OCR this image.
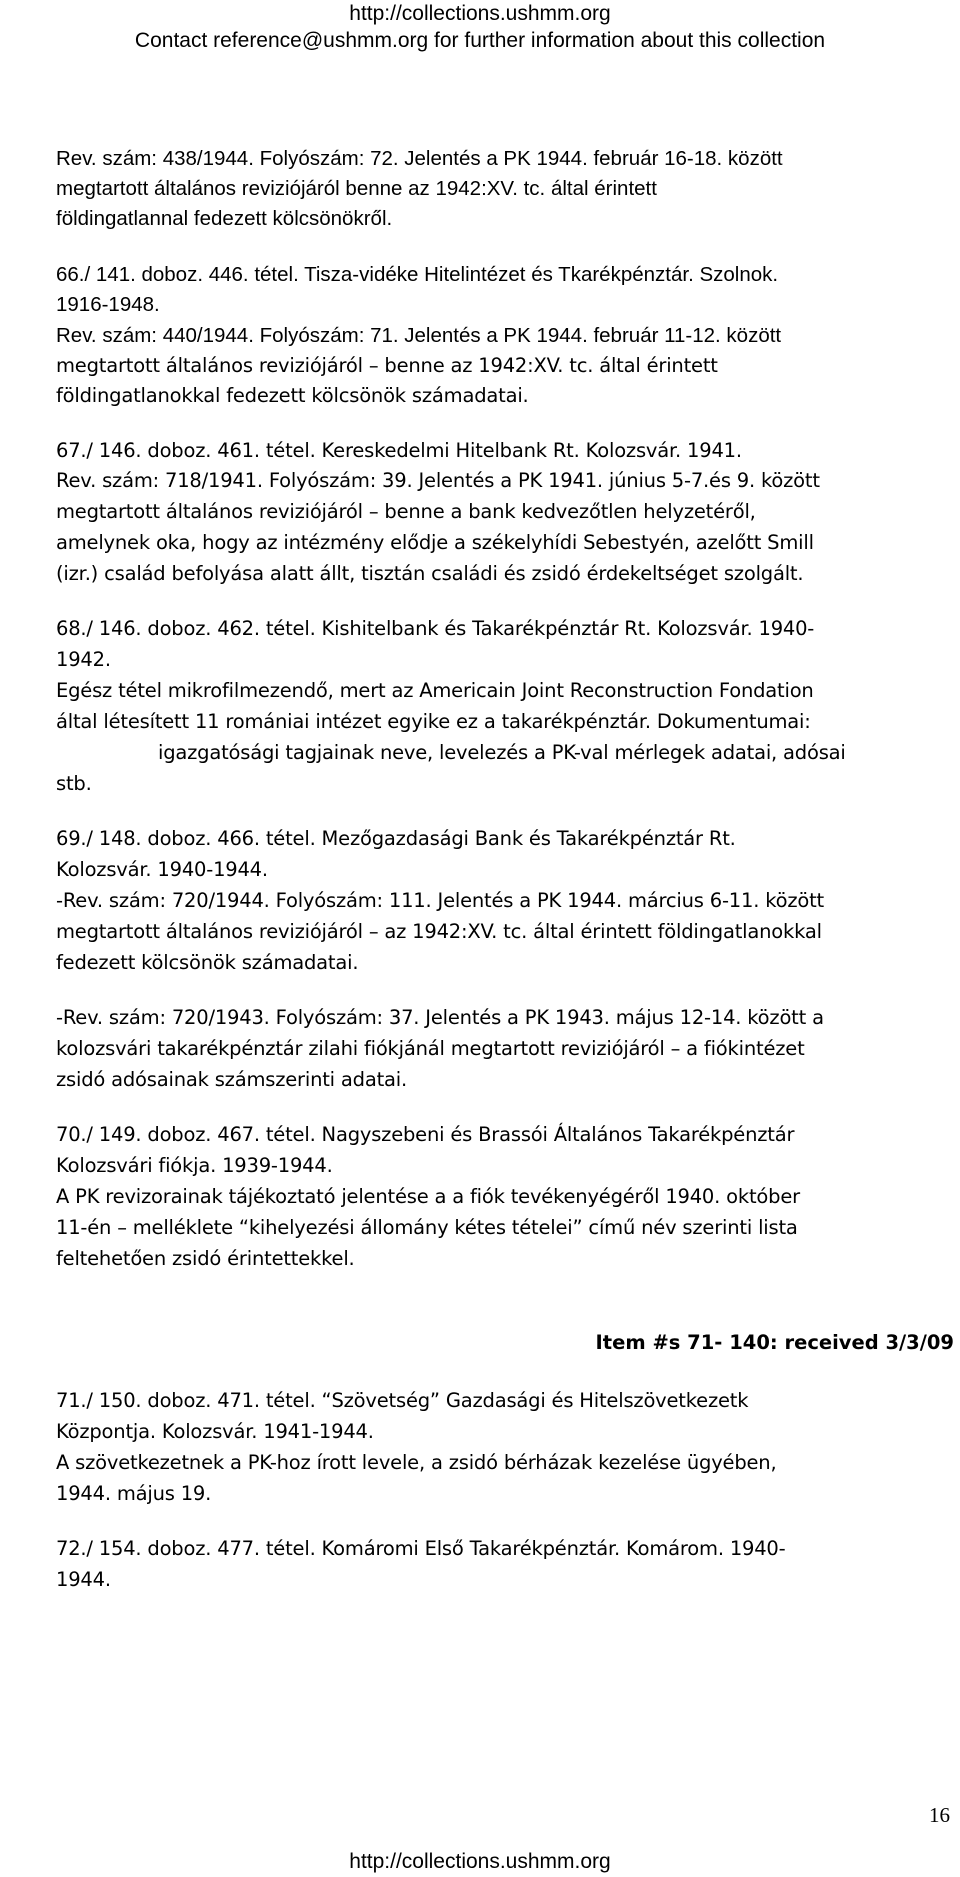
http://collections.ushmm.org
Contact reference@ushmm.org for further information about this collection
Rev. szám: 438/1944. Folyószám: 72. Jelentés a PK 1944. február 16-18. között
megtartott általános reviziójáról benne az 1942:XV. tc. által érintett
földingatlannal fedezett kölcsönökről.
66./ 141. doboz. 446. tétel. Tisza-vidéke Hitelintézet és Tkarékpénztár. Szolnok.
1916-1948.
Rev. szám: 440/1944. Folyószám: 71. Jelentés a PK 1944. február 11-12. között
megtartott általános reviziójáról – benne az 1942:XV. tc. által érintett
földingatlanokkal fedezett kölcsönök számadatai.
67./ 146. doboz. 461. tétel. Kereskedelmi Hitelbank Rt. Kolozsvár. 1941.
Rev. szám: 718/1941. Folyószám: 39. Jelentés a PK 1941. június 5-7.és 9. között
megtartott általános reviziójáról – benne a bank kedvezőtlen helyzetéről,
amelynek oka, hogy az intézmény elődje a székelyhídi Sebestyén, azelőtt Smill
(izr.) család befolyása alatt állt, tisztán családi és zsidó érdekeltséget szolgált.
68./ 146. doboz. 462. tétel. Kishitelbank és Takarékpénztár Rt. Kolozsvár. 1940-
1942.
Egész tétel mikrofilmezendő, mert az Americain Joint Reconstruction Fondation
által létesített 11 romániai intézet egyike ez a takarékpénztár. Dokumentumai:
igazgatósági tagjainak neve, levelezés a PK-val mérlegek adatai, adósai
stb.
69./ 148. doboz. 466. tétel. Mezőgazdasági Bank és Takarékpénztár Rt.
Kolozsvár. 1940-1944.
-Rev. szám: 720/1944. Folyószám: 111. Jelentés a PK 1944. március 6-11. között
megtartott általános reviziójáról – az 1942:XV. tc. által érintett földingatlanokkal
fedezett kölcsönök számadatai.
-Rev. szám: 720/1943. Folyószám: 37. Jelentés a PK 1943. május 12-14. között a
kolozsvári takarékpénztár zilahi fiókjánál megtartott reviziójáról – a fiókintézet
zsidó adósainak számszerinti adatai.
70./ 149. doboz. 467. tétel. Nagyszebeni és Brassói Általános Takarékpénztár
Kolozsvári fiókja. 1939-1944.
A PK revizorainak tájékoztató jelentése a a fiók tevékenyégéről 1940. október
11-én – melléklete “kihelyezési állomány kétes tételei” című név szerinti lista
feltehetően zsidó érintettekkel.
Item #s 71- 140: received 3/3/09
71./ 150. doboz. 471. tétel. “Szövetség” Gazdasági és Hitelszövetkezetk
Központja. Kolozsvár. 1941-1944.
A szövetkezetnek a PK-hoz írott levele, a zsidó bérházak kezelése ügyében,
1944. május 19.
72./ 154. doboz. 477. tétel. Komáromi Első Takarékpénztár. Komárom. 1940-
1944.
16
http://collections.ushmm.org
